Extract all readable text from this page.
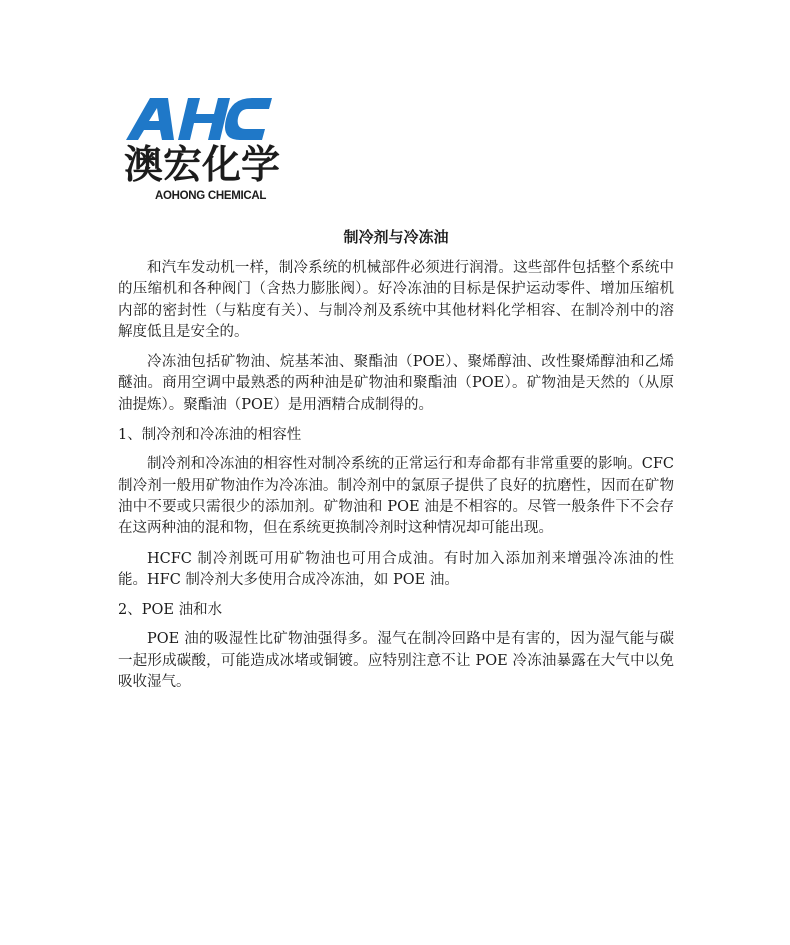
澳宏化学
AOHONG CHEMICAL
制冷剂与冷冻油

和汽车发动机一样，制冷系统的机械部件必须进行润滑。这些部件包括整个系统中的压缩机和各种阀门（含热力膨胀阀）。好冷冻油的目标是保护运动零件、增加压缩机内部的密封性（与粘度有关）、与制冷剂及系统中其他材料化学相容、在制冷剂中的溶解度低且是安全的。

冷冻油包括矿物油、烷基苯油、聚酯油（POE）、聚烯醇油、改性聚烯醇油和乙烯醚油。商用空调中最熟悉的两种油是矿物油和聚酯油（POE）。矿物油是天然的（从原油提炼）。聚酯油（POE）是用酒精合成制得的。

1、制冷剂和冷冻油的相容性

制冷剂和冷冻油的相容性对制冷系统的正常运行和寿命都有非常重要的影响。CFC 制冷剂一般用矿物油作为冷冻油。制冷剂中的氯原子提供了良好的抗磨性，因而在矿物油中不要或只需很少的添加剂。矿物油和 POE 油是不相容的。尽管一般条件下不会存在这两种油的混和物，但在系统更换制冷剂时这种情况却可能出现。

HCFC 制冷剂既可用矿物油也可用合成油。有时加入添加剂来增强冷冻油的性能。HFC 制冷剂大多使用合成冷冻油，如 POE 油。

2、POE 油和水

POE 油的吸湿性比矿物油强得多。湿气在制冷回路中是有害的，因为湿气能与碳一起形成碳酸，可能造成冰堵或铜镀。应特别注意不让 POE 冷冻油暴露在大气中以免吸收湿气。
